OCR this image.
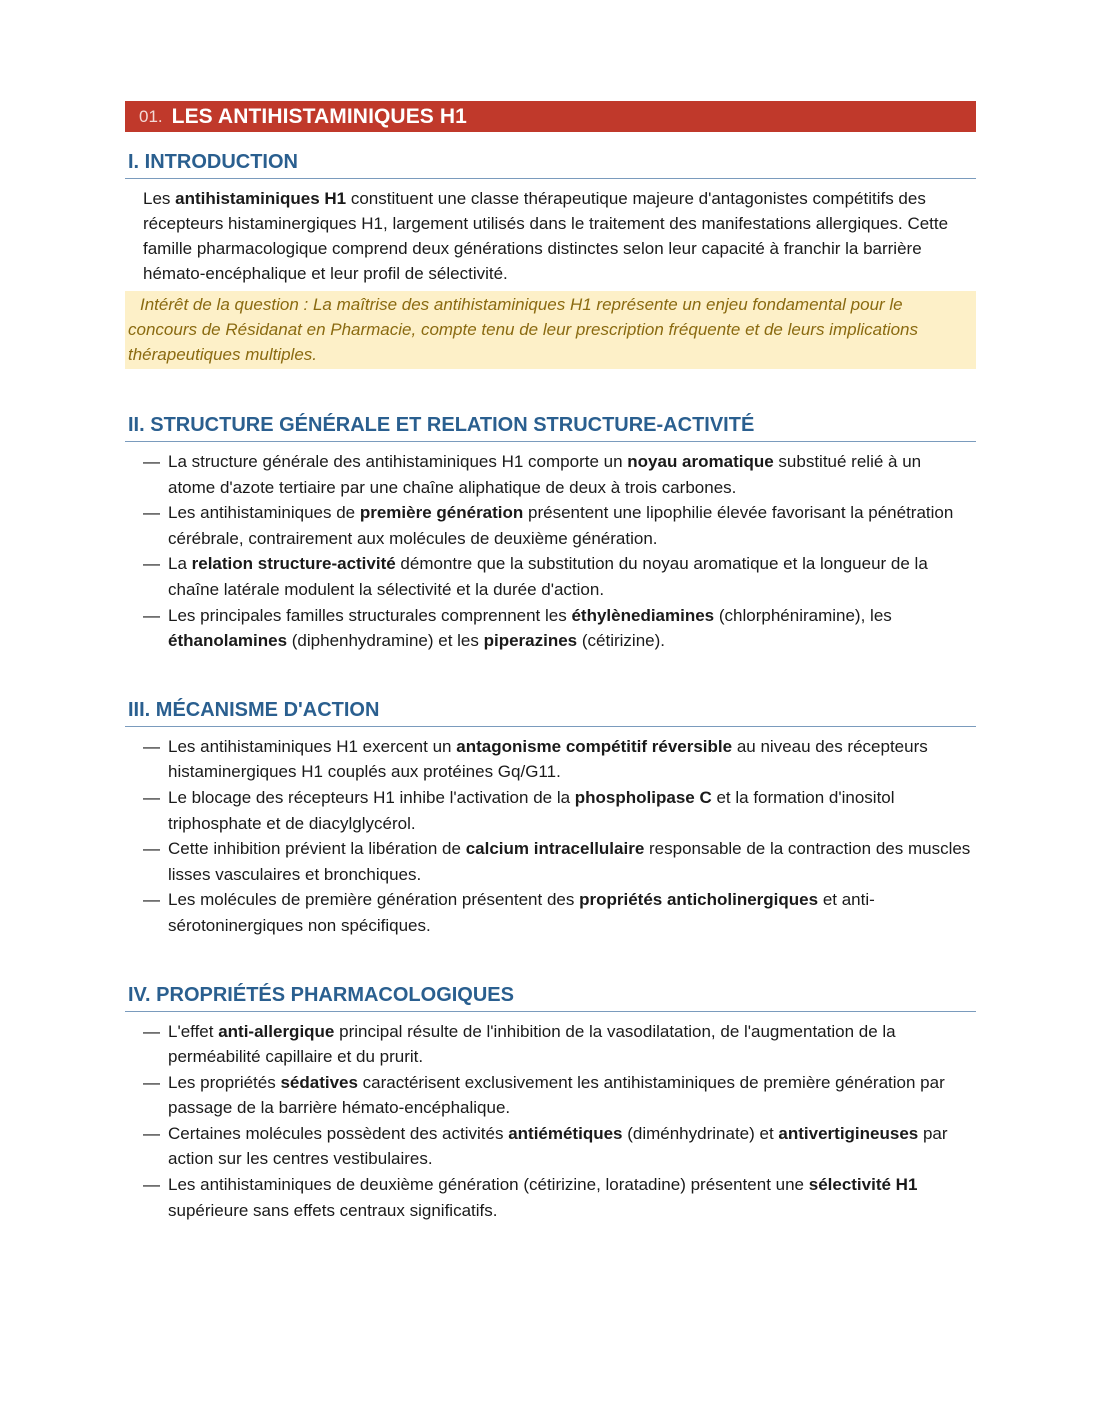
01. LES ANTIHISTAMINIQUES H1
I. INTRODUCTION

Les antihistaminiques H1 constituent une classe thérapeutique majeure d'antagonistes compétitifs des récepteurs histaminergiques H1, largement utilisés dans le traitement des manifestations allergiques. Cette famille pharmacologique comprend deux générations distinctes selon leur capacité à franchir la barrière hémato-encéphalique et leur profil de sélectivité.

Intérêt de la question : La maîtrise des antihistaminiques H1 représente un enjeu fondamental pour le concours de Résidanat en Pharmacie, compte tenu de leur prescription fréquente et de leurs implications thérapeutiques multiples.
II. STRUCTURE GÉNÉRALE ET RELATION STRUCTURE-ACTIVITÉ
— La structure générale des antihistaminiques H1 comporte un noyau aromatique substitué relié à un atome d'azote tertiaire par une chaîne aliphatique de deux à trois carbones.
— Les antihistaminiques de première génération présentent une lipophilie élevée favorisant la pénétration cérébrale, contrairement aux molécules de deuxième génération.
— La relation structure-activité démontre que la substitution du noyau aromatique et la longueur de la chaîne latérale modulent la sélectivité et la durée d'action.
— Les principales familles structurales comprennent les éthylènediamines (chlorphéniramine), les éthanolamines (diphenhydramine) et les piperazines (cétirizine).
III. MÉCANISME D'ACTION
— Les antihistaminiques H1 exercent un antagonisme compétitif réversible au niveau des récepteurs histaminergiques H1 couplés aux protéines Gq/G11.
— Le blocage des récepteurs H1 inhibe l'activation de la phospholipase C et la formation d'inositol triphosphate et de diacylglycérol.
— Cette inhibition prévient la libération de calcium intracellulaire responsable de la contraction des muscles lisses vasculaires et bronchiques.
— Les molécules de première génération présentent des propriétés anticholinergiques et anti-sérotoninergiques non spécifiques.
IV. PROPRIÉTÉS PHARMACOLOGIQUES
— L'effet anti-allergique principal résulte de l'inhibition de la vasodilatation, de l'augmentation de la perméabilité capillaire et du prurit.
— Les propriétés sédatives caractérisent exclusivement les antihistaminiques de première génération par passage de la barrière hémato-encéphalique.
— Certaines molécules possèdent des activités antiémétiques (diménhydrinate) et antivertigineuses par action sur les centres vestibulaires.
— Les antihistaminiques de deuxième génération (cétirizine, loratadine) présentent une sélectivité H1 supérieure sans effets centraux significatifs.
